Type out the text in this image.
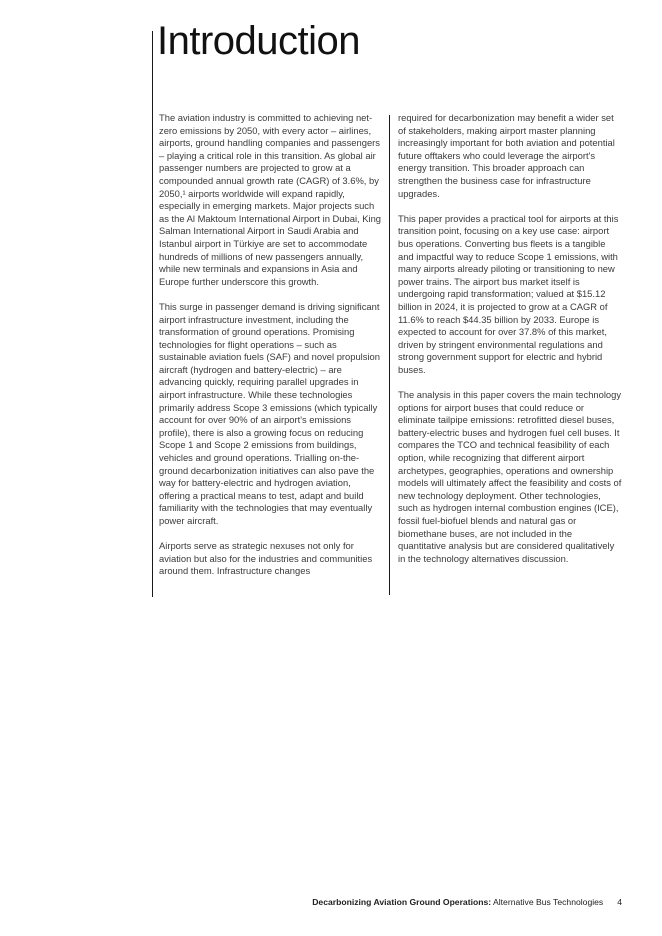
Introduction

The aviation industry is committed to achieving net-zero emissions by 2050, with every actor – airlines, airports, ground handling companies and passengers – playing a critical role in this transition. As global air passenger numbers are projected to grow at a compounded annual growth rate (CAGR) of 3.6%, by 2050,¹ airports worldwide will expand rapidly, especially in emerging markets. Major projects such as the Al Maktoum International Airport in Dubai, King Salman International Airport in Saudi Arabia and Istanbul airport in Türkiye are set to accommodate hundreds of millions of new passengers annually, while new terminals and expansions in Asia and Europe further underscore this growth.

This surge in passenger demand is driving significant airport infrastructure investment, including the transformation of ground operations. Promising technologies for flight operations – such as sustainable aviation fuels (SAF) and novel propulsion aircraft (hydrogen and battery-electric) – are advancing quickly, requiring parallel upgrades in airport infrastructure. While these technologies primarily address Scope 3 emissions (which typically account for over 90% of an airport's emissions profile), there is also a growing focus on reducing Scope 1 and Scope 2 emissions from buildings, vehicles and ground operations. Trialling on-the-ground decarbonization initiatives can also pave the way for battery-electric and hydrogen aviation, offering a practical means to test, adapt and build familiarity with the technologies that may eventually power aircraft.

Airports serve as strategic nexuses not only for aviation but also for the industries and communities around them. Infrastructure changes

required for decarbonization may benefit a wider set of stakeholders, making airport master planning increasingly important for both aviation and potential future offtakers who could leverage the airport's energy transition. This broader approach can strengthen the business case for infrastructure upgrades.

This paper provides a practical tool for airports at this transition point, focusing on a key use case: airport bus operations. Converting bus fleets is a tangible and impactful way to reduce Scope 1 emissions, with many airports already piloting or transitioning to new power trains. The airport bus market itself is undergoing rapid transformation; valued at $15.12 billion in 2024, it is projected to grow at a CAGR of 11.6% to reach $44.35 billion by 2033. Europe is expected to account for over 37.8% of this market, driven by stringent environmental regulations and strong government support for electric and hybrid buses.

The analysis in this paper covers the main technology options for airport buses that could reduce or eliminate tailpipe emissions: retrofitted diesel buses, battery-electric buses and hydrogen fuel cell buses. It compares the TCO and technical feasibility of each option, while recognizing that different airport archetypes, geographies, operations and ownership models will ultimately affect the feasibility and costs of new technology deployment. Other technologies, such as hydrogen internal combustion engines (ICE), fossil fuel-biofuel blends and natural gas or biomethane buses, are not included in the quantitative analysis but are considered qualitatively in the technology alternatives discussion.

Decarbonizing Aviation Ground Operations: Alternative Bus Technologies 4
